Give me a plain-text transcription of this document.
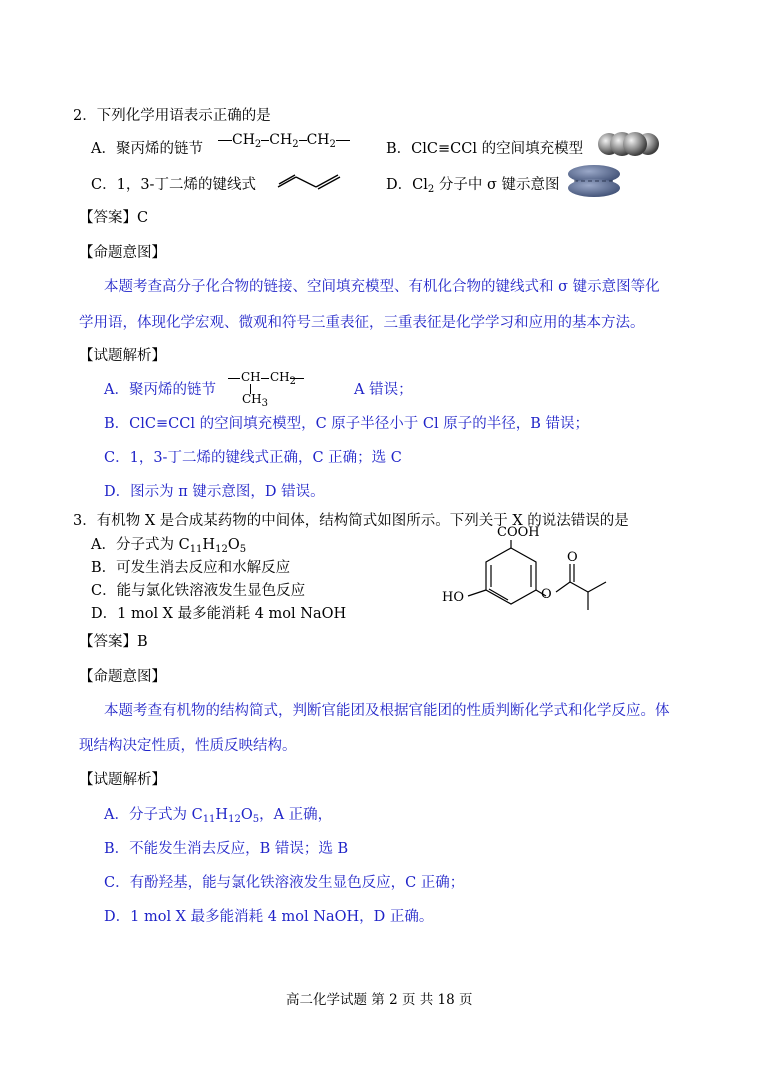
2．下列化学用语表示正确的是
A．聚丙烯的链节
$CH_2$ $CH_2$ $CH_2$	B．ClC≡CCl 的空间填充模型
C．1，3-丁二烯的键线式	D．$Cl_2$ 分子中 σ 键示意图
【答案】C
【命题意图】
本题考查高分子化合物的链接、空间填充模型、有机化合物的键线式和 σ 键示意图等化
学用语，体现化学宏观、微观和符号三重表征，三重表征是化学学习和应用的基本方法。
【试题解析】
A．聚丙烯的链节
CH $CH_2$
$CH_3$
A 错误；
B．ClC≡CCl 的空间填充模型，C 原子半径小于 Cl 原子的半径，B 错误；
C．1，3-丁二烯的键线式正确，C 正确；选 C
D．图示为 π 键示意图，D 错误。
3．有机物 X 是合成某药物的中间体，结构简式如图所示。下列关于 X 的说法错误的是
A．分子式为 $C_{11}H_{12}O_5$
B．可发生消去反应和水解反应
C．能与氯化铁溶液发生显色反应
D．1 mol X 最多能消耗 4 mol NaOH
COOH
HO	O
O
【答案】B
【命题意图】
本题考查有机物的结构简式，判断官能团及根据官能团的性质判断化学式和化学反应。体
现结构决定性质，性质反映结构。
【试题解析】
A．分子式为 $C_{11}H_{12}O_5$，A 正确，
B．不能发生消去反应，B 错误；选 B
C．有酚羟基，能与氯化铁溶液发生显色反应，C 正确；
D．1 mol X 最多能消耗 4 mol NaOH，D 正确。
高二化学试题 第 2 页 共 18 页
